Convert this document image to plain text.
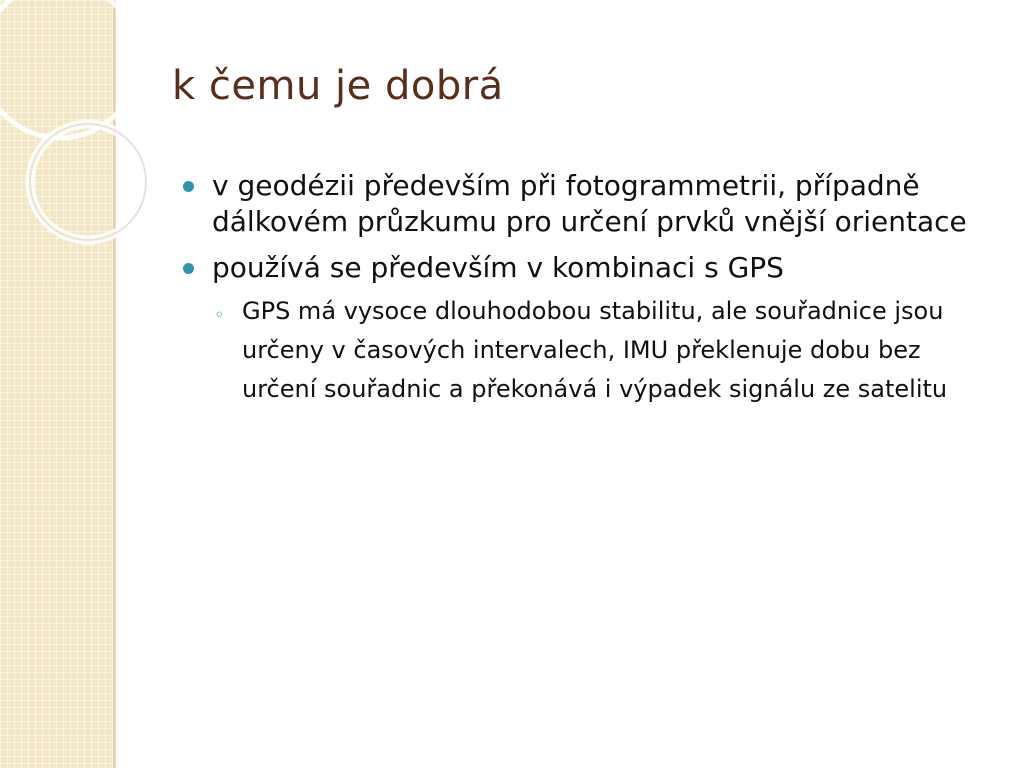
k čemu je dobrá
v geodézii především při fotogrammetrii, případně dálkovém průzkumu pro určení prvků vnější orientace
používá se především v kombinaci s GPS
◦ GPS má vysoce dlouhodobou stabilitu, ale souřadnice jsou určeny v časových intervalech, IMU překlenuje dobu bez určení souřadnic a překonává i výpadek signálu ze satelitu
